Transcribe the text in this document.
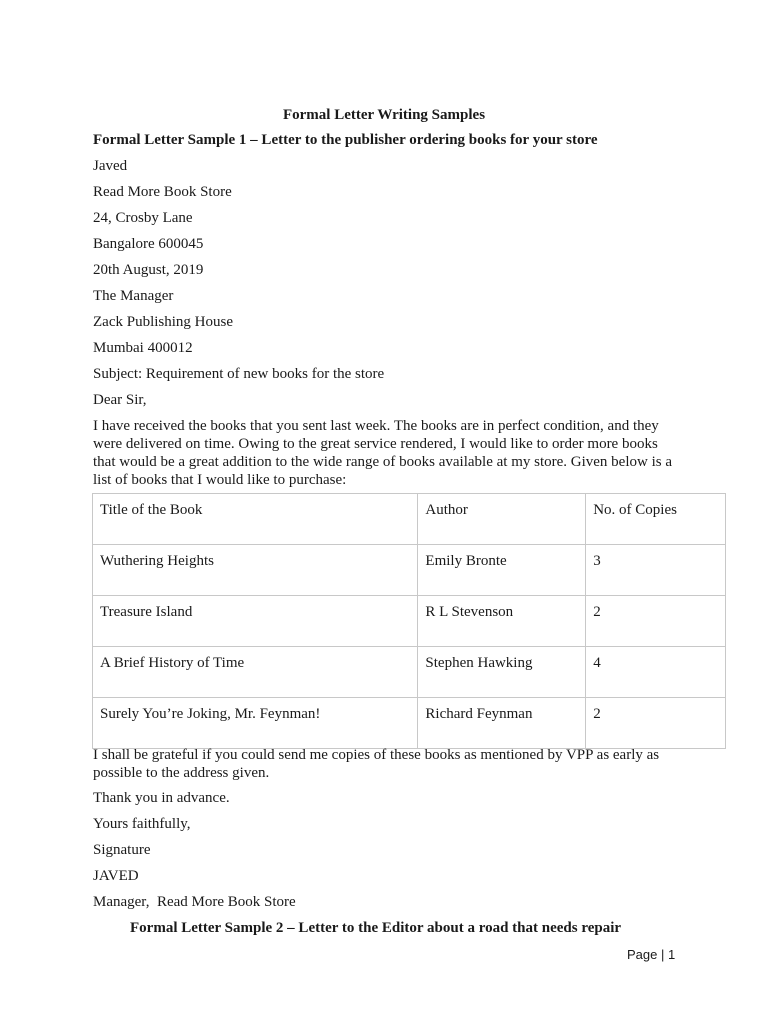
Formal Letter Writing Samples
Formal Letter Sample 1 – Letter to the publisher ordering books for your store
Javed
Read More Book Store
24, Crosby Lane
Bangalore 600045
20th August, 2019
The Manager
Zack Publishing House
Mumbai 400012
Subject: Requirement of new books for the store
Dear Sir,
I have received the books that you sent last week. The books are in perfect condition, and they were delivered on time. Owing to the great service rendered, I would like to order more books that would be a great addition to the wide range of books available at my store. Given below is a list of books that I would like to purchase:
Title of the Book	Author	No. of Copies
Wuthering Heights	Emily Bronte	3
Treasure Island	R L Stevenson	2
A Brief History of Time	Stephen Hawking	4
Surely You’re Joking, Mr. Feynman!	Richard Feynman	2
I shall be grateful if you could send me copies of these books as mentioned by VPP as early as possible to the address given.
Thank you in advance.
Yours faithfully,
Signature
JAVED
Manager,  Read More Book Store
Formal Letter Sample 2 – Letter to the Editor about a road that needs repair
Page | 1
